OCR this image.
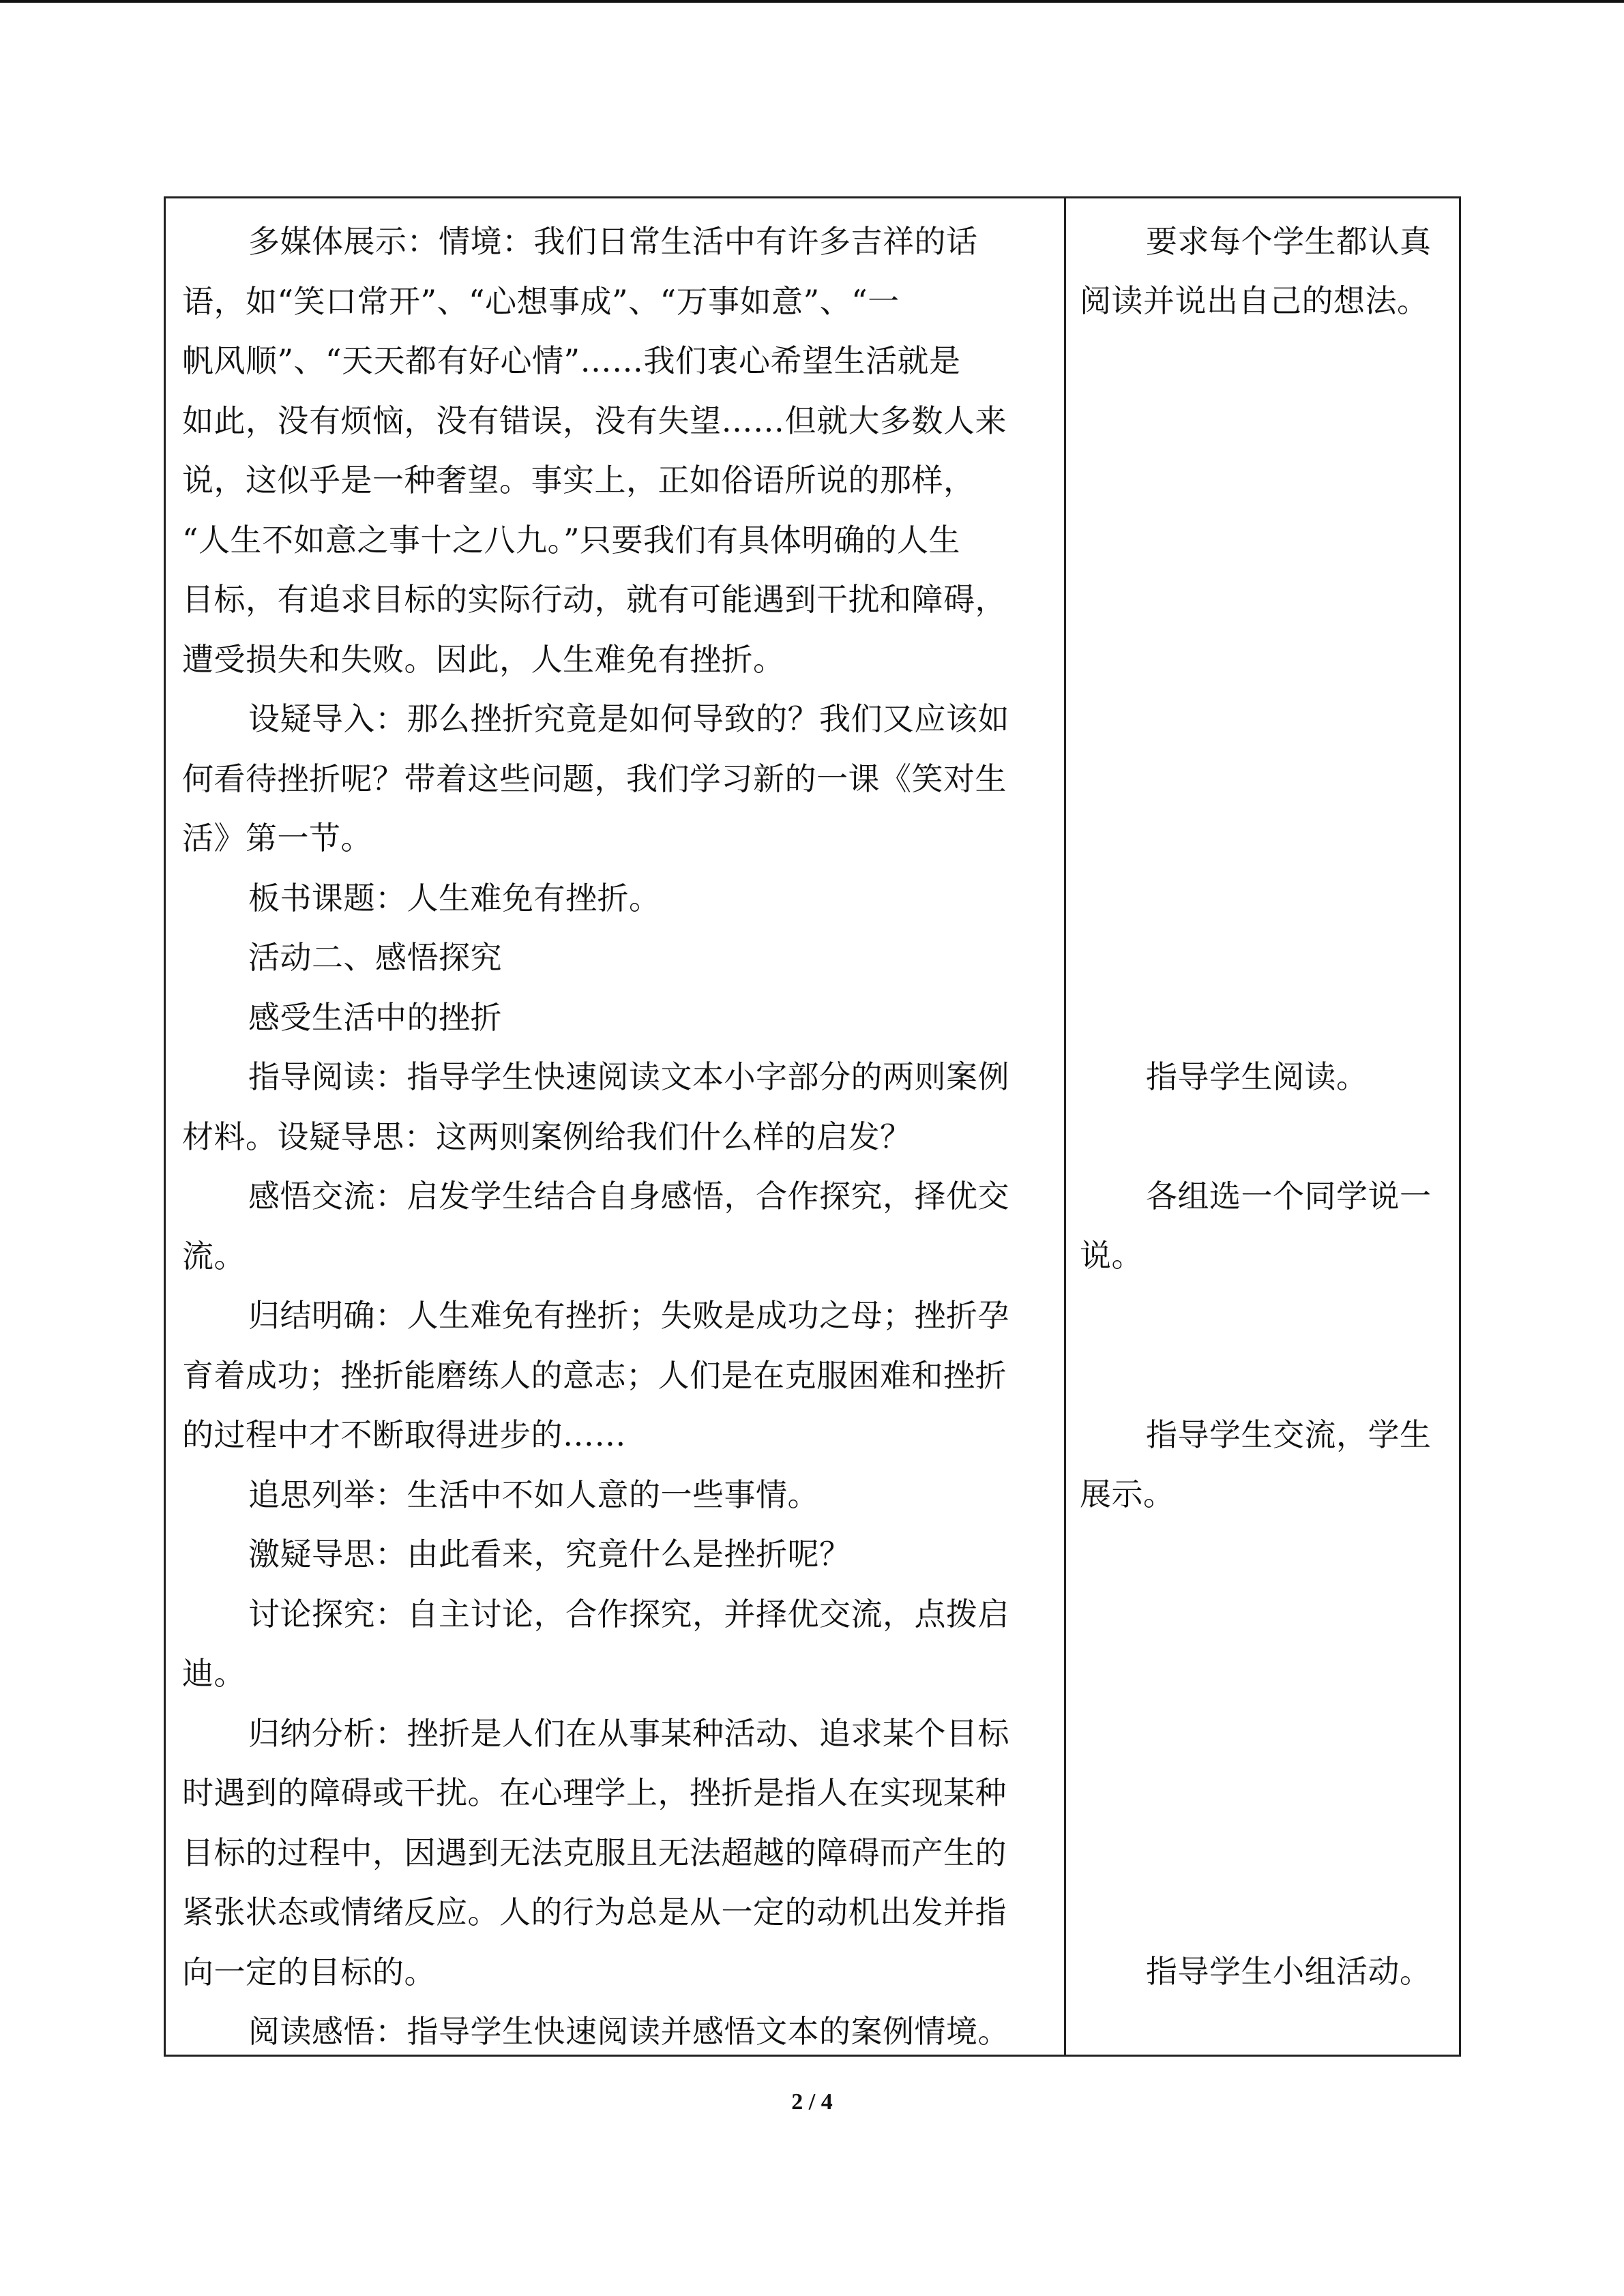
多媒体展示：情境：我们日常生活中有许多吉祥的话
语，如“笑口常开”、“心想事成”、“万事如意”、“一
帆风顺”、“天天都有好心情”……我们衷心希望生活就是
如此，没有烦恼，没有错误，没有失望……但就大多数人来
说，这似乎是一种奢望。事实上，正如俗语所说的那样，
“人生不如意之事十之八九。”只要我们有具体明确的人生
目标，有追求目标的实际行动，就有可能遇到干扰和障碍，
遭受损失和失败。因此，人生难免有挫折。
设疑导入：那么挫折究竟是如何导致的？我们又应该如
何看待挫折呢？带着这些问题，我们学习新的一课《笑对生
活》第一节。
板书课题：人生难免有挫折。
活动二、感悟探究
感受生活中的挫折
指导阅读：指导学生快速阅读文本小字部分的两则案例
材料。设疑导思：这两则案例给我们什么样的启发？
感悟交流：启发学生结合自身感悟，合作探究，择优交
流。
归结明确：人生难免有挫折；失败是成功之母；挫折孕
育着成功；挫折能磨练人的意志；人们是在克服困难和挫折
的过程中才不断取得进步的……
追思列举：生活中不如人意的一些事情。
激疑导思：由此看来，究竟什么是挫折呢？
讨论探究：自主讨论，合作探究，并择优交流，点拨启
迪。
归纳分析：挫折是人们在从事某种活动、追求某个目标
时遇到的障碍或干扰。在心理学上，挫折是指人在实现某种
目标的过程中，因遇到无法克服且无法超越的障碍而产生的
紧张状态或情绪反应。人的行为总是从一定的动机出发并指
向一定的目标的。
阅读感悟：指导学生快速阅读并感悟文本的案例情境。
要求每个学生都认真
阅读并说出自己的想法。
指导学生阅读。
各组选一个同学说一
说。
指导学生交流，学生
展示。
指导学生小组活动。
2 / 4
